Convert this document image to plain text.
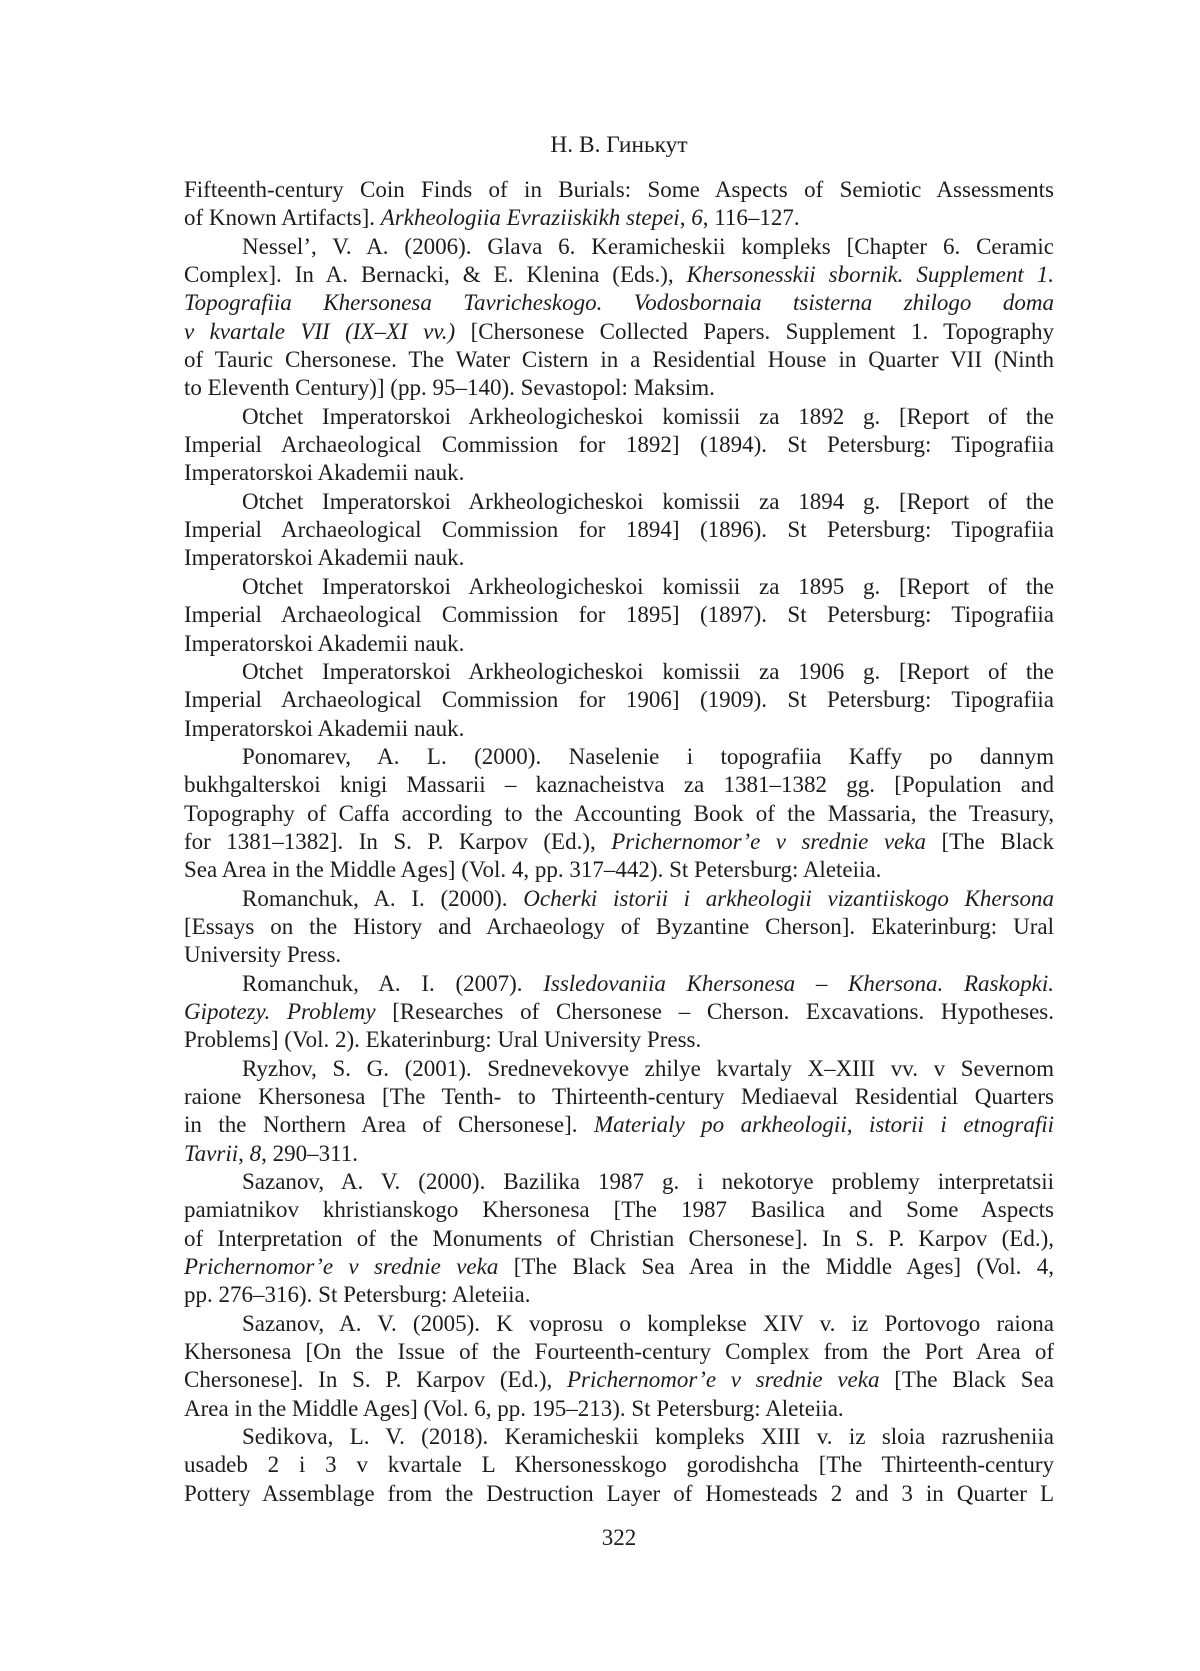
Н. В. Гинькут
Fifteenth-century Coin Finds of in Burials: Some Aspects of Semiotic Assessments
of Known Artifacts]. Arkheologiia Evraziiskikh stepei, 6, 116–127.
Nessel’, V. A. (2006). Glava 6. Keramicheskii kompleks [Chapter 6. Ceramic
Complex]. In A. Bernacki, & E. Klenina (Eds.), Khersonesskii sbornik. Supplement 1.
Topografiia Khersonesa Tavricheskogo. Vodosbornaia tsisterna zhilogo doma
v kvartale VII (IX–XI vv.) [Chersonese Collected Papers. Supplement 1. Topography
of Tauric Chersonese. The Water Cistern in a Residential House in Quarter VII (Ninth
to Eleventh Century)] (pp. 95–140). Sevastopol: Maksim.
Otchet Imperatorskoi Arkheologicheskoi komissii za 1892 g. [Report of the
Imperial Archaeological Commission for 1892] (1894). St Petersburg: Tipografiia
Imperatorskoi Akademii nauk.
Otchet Imperatorskoi Arkheologicheskoi komissii za 1894 g. [Report of the
Imperial Archaeological Commission for 1894] (1896). St Petersburg: Tipografiia
Imperatorskoi Akademii nauk.
Otchet Imperatorskoi Arkheologicheskoi komissii za 1895 g. [Report of the
Imperial Archaeological Commission for 1895] (1897). St Petersburg: Tipografiia
Imperatorskoi Akademii nauk.
Otchet Imperatorskoi Arkheologicheskoi komissii za 1906 g. [Report of the
Imperial Archaeological Commission for 1906] (1909). St Petersburg: Tipografiia
Imperatorskoi Akademii nauk.
Ponomarev, A. L. (2000). Naselenie i topografiia Kaffy po dannym
bukhgalterskoi knigi Massarii – kaznacheistva za 1381–1382 gg. [Population and
Topography of Caffa according to the Accounting Book of the Massaria, the Treasury,
for 1381–1382]. In S. P. Karpov (Ed.), Prichernomor’e v srednie veka [The Black
Sea Area in the Middle Ages] (Vol. 4, pp. 317–442). St Petersburg: Aleteiia.
Romanchuk, A. I. (2000). Ocherki istorii i arkheologii vizantiiskogo Khersona
[Essays on the History and Archaeology of Byzantine Cherson]. Ekaterinburg: Ural
University Press.
Romanchuk, A. I. (2007). Issledovaniia Khersonesa – Khersona. Raskopki.
Gipotezy. Problemy [Researches of Chersonese – Cherson. Excavations. Hypotheses.
Problems] (Vol. 2). Ekaterinburg: Ural University Press.
Ryzhov, S. G. (2001). Srednevekovye zhilye kvartaly X–XIII vv. v Severnom
raione Khersonesa [The Tenth- to Thirteenth-century Mediaeval Residential Quarters
in the Northern Area of Chersonese]. Materialy po arkheologii, istorii i etnografii
Tavrii, 8, 290–311.
Sazanov, A. V. (2000). Bazilika 1987 g. i nekotorye problemy interpretatsii
pamiatnikov khristianskogo Khersonesa [The 1987 Basilica and Some Aspects
of Interpretation of the Monuments of Christian Chersonese]. In S. P. Karpov (Ed.),
Prichernomor’e v srednie veka [The Black Sea Area in the Middle Ages] (Vol. 4,
pp. 276–316). St Petersburg: Aleteiia.
Sazanov, A. V. (2005). K voprosu o komplekse XIV v. iz Portovogo raiona
Khersonesa [On the Issue of the Fourteenth-century Complex from the Port Area of
Chersonese]. In S. P. Karpov (Ed.), Prichernomor’e v srednie veka [The Black Sea
Area in the Middle Ages] (Vol. 6, pp. 195–213). St Petersburg: Aleteiia.
Sedikova, L. V. (2018). Keramicheskii kompleks XIII v. iz sloia razrusheniia
usadeb 2 i 3 v kvartale L Khersonesskogo gorodishcha [The Thirteenth-century
Pottery Assemblage from the Destruction Layer of Homesteads 2 and 3 in Quarter L
322
